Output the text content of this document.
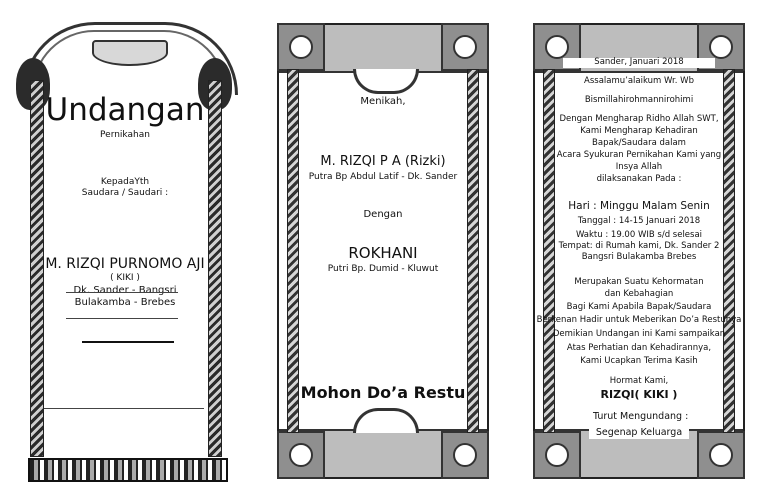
Undangan
Pernikahan
KepadaYth
Saudara / Saudari :
M. RIZQI PURNOMO AJI
( KIKI )
Dk. Sander - Bangsri
Bulakamba - Brebes
Menikah,
M. RIZQI P A (Rizki)
Putra Bp Abdul Latif - Dk. Sander
Dengan
ROKHANI
Putri Bp. Dumid - Kluwut
Mohon Do’a Restu
Sander, Januari 2018
Assalamu’alaikum Wr. Wb
Bismillahirohmannirohimi
Dengan Mengharap Ridho Allah SWT,
Kami Mengharap Kehadiran
Bapak/Saudara dalam
Acara Syukuran Pernikahan Kami yang
Insya Allah
dilaksanakan Pada :
Hari : Minggu Malam Senin
Tanggal : 14-15 Januari 2018
Waktu : 19.00 WIB s/d selesai
Tempat: di Rumah kami, Dk. Sander 2
Bangsri Bulakamba Brebes
Merupakan Suatu Kehormatan
dan Kebahagian
Bagi Kami Apabila Bapak/Saudara
Berkenan Hadir untuk Meberikan Do’a Restunya
Demikian Undangan ini Kami sampaikan
Atas Perhatian dan Kehadirannya,
Kami Ucapkan Terima Kasih
Hormat Kami,
RIZQI( KIKI )
Turut Mengundang :
Segenap Keluarga
